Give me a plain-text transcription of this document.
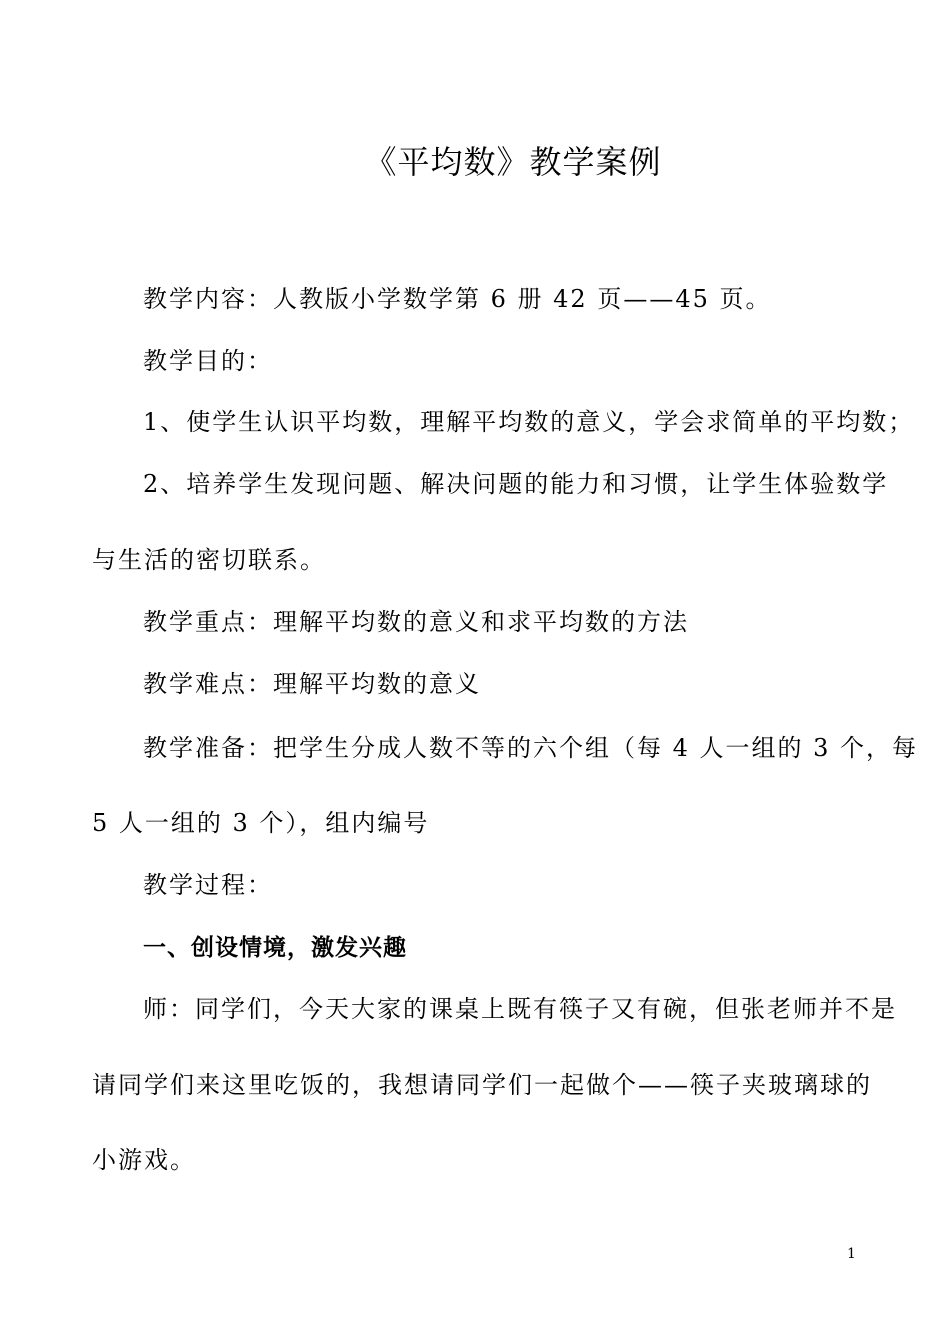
《平均数》教学案例
教学内容：人教版小学数学第 6 册 42 页——45 页。
教学目的：
1、使学生认识平均数，理解平均数的意义，学会求简单的平均数；
2、培养学生发现问题、解决问题的能力和习惯，让学生体验数学
与生活的密切联系。
教学重点：理解平均数的意义和求平均数的方法
教学难点：理解平均数的意义
教学准备：把学生分成人数不等的六个组（每 4 人一组的 3 个，每
5 人一组的 3 个），组内编号
教学过程：
一、创设情境，激发兴趣
师：同学们，今天大家的课桌上既有筷子又有碗，但张老师并不是
请同学们来这里吃饭的，我想请同学们一起做个——筷子夹玻璃球的
小游戏。
1
